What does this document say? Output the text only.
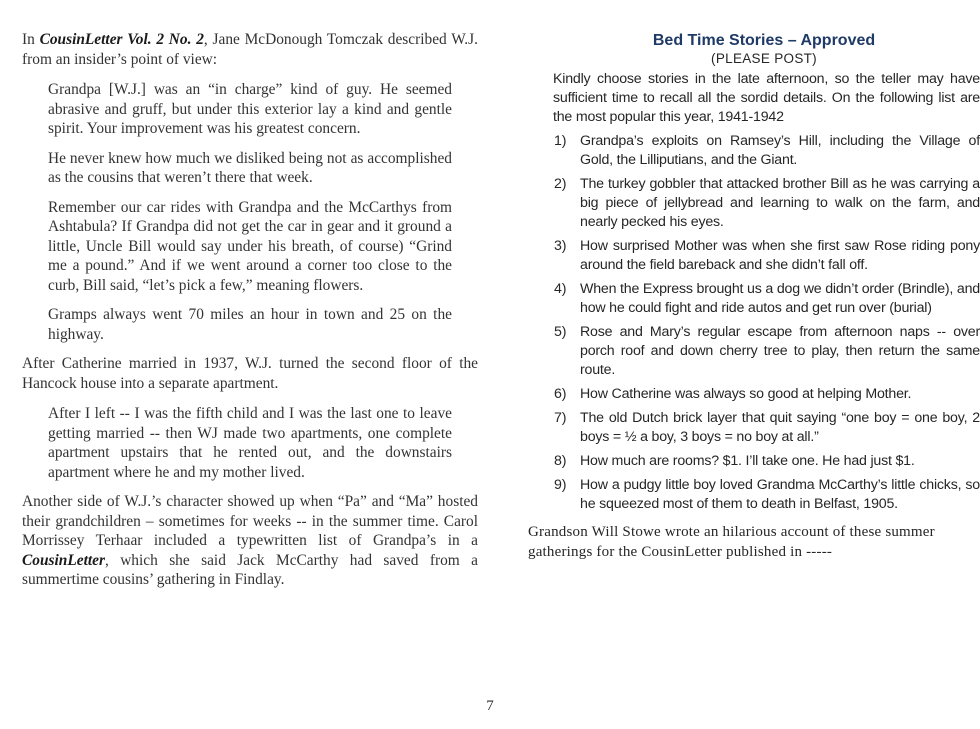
In CousinLetter Vol. 2 No. 2, Jane McDonough Tomczak described W.J. from an insider’s point of view:

Grandpa [W.J.] was an “in charge” kind of guy. He seemed abrasive and gruff, but under this exterior lay a kind and gentle spirit. Your improvement was his greatest concern.

He never knew how much we disliked being not as accomplished as the cousins that weren’t there that week.

Remember our car rides with Grandpa and the McCarthys from Ashtabula? If Grandpa did not get the car in gear and it ground a little, Uncle Bill would say under his breath, of course) “Grind me a pound.” And if we went around a corner too close to the curb, Bill said, “let’s pick a few,” meaning flowers.

Gramps always went 70 miles an hour in town and 25 on the highway.

After Catherine married in 1937, W.J. turned the second floor of the Hancock house into a separate apartment.

After I left -- I was the fifth child and I was the last one to leave getting married -- then WJ made two apartments, one complete apartment upstairs that he rented out, and the downstairs apartment where he and my mother lived.

Another side of W.J.’s character showed up when “Pa” and “Ma” hosted their grandchildren – sometimes for weeks -- in the summer time. Carol Morrissey Terhaar included a typewritten list of Grandpa’s in a CousinLetter, which she said Jack McCarthy had saved from a summertime cousins’ gathering in Findlay.

Bed Time Stories – Approved
(PLEASE POST)

Kindly choose stories in the late afternoon, so the teller may have sufficient time to recall all the sordid details. On the following list are the most popular this year, 1941-1942

1) Grandpa’s exploits on Ramsey’s Hill, including the Village of Gold, the Lilliputians, and the Giant.
2) The turkey gobbler that attacked brother Bill as he was carrying a big piece of jellybread and learning to walk on the farm, and nearly pecked his eyes.
3) How surprised Mother was when she first saw Rose riding pony around the field bareback and she didn’t fall off.
4) When the Express brought us a dog we didn’t order (Brindle), and how he could fight and ride autos and get run over (burial)
5) Rose and Mary’s regular escape from afternoon naps -- over porch roof and down cherry tree to play, then return the same route.
6) How Catherine was always so good at helping Mother.
7) The old Dutch brick layer that quit saying “one boy = one boy, 2 boys = ½ a boy, 3 boys = no boy at all.”
8) How much are rooms? $1. I’ll take one. He had just $1.
9) How a pudgy little boy loved Grandma McCarthy’s little chicks, so he squeezed most of them to death in Belfast, 1905.

Grandson Will Stowe wrote an hilarious account of these summer gatherings for the CousinLetter published in -----

7
